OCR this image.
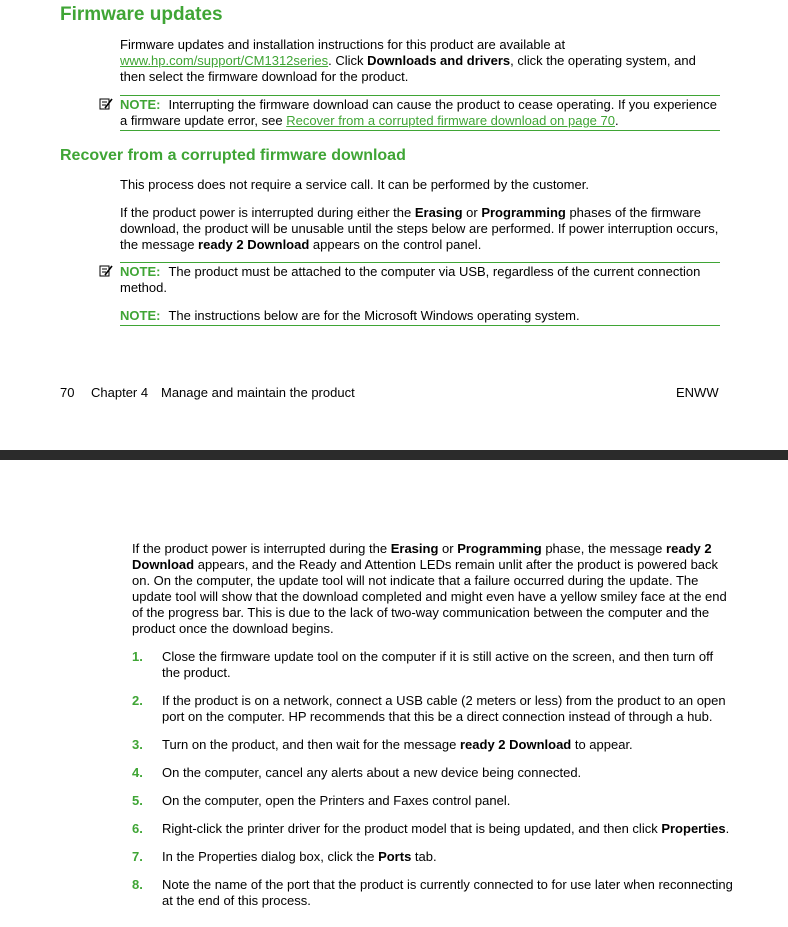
Firmware updates

Firmware updates and installation instructions for this product are available at www.hp.com/support/CM1312series. Click Downloads and drivers, click the operating system, and then select the firmware download for the product.

NOTE: Interrupting the firmware download can cause the product to cease operating. If you experience a firmware update error, see Recover from a corrupted firmware download on page 70.

Recover from a corrupted firmware download

This process does not require a service call. It can be performed by the customer.

If the product power is interrupted during either the Erasing or Programming phases of the firmware download, the product will be unusable until the steps below are performed. If power interruption occurs, the message ready 2 Download appears on the control panel.

NOTE: The product must be attached to the computer via USB, regardless of the current connection method.

NOTE: The instructions below are for the Microsoft Windows operating system.

70 Chapter 4 Manage and maintain the product	ENWW

If the product power is interrupted during the Erasing or Programming phase, the message ready 2 Download appears, and the Ready and Attention LEDs remain unlit after the product is powered back on. On the computer, the update tool will not indicate that a failure occurred during the update. The update tool will show that the download completed and might even have a yellow smiley face at the end of the progress bar. This is due to the lack of two-way communication between the computer and the product once the download begins.

1. Close the firmware update tool on the computer if it is still active on the screen, and then turn off the product.
2. If the product is on a network, connect a USB cable (2 meters or less) from the product to an open port on the computer. HP recommends that this be a direct connection instead of through a hub.
3. Turn on the product, and then wait for the message ready 2 Download to appear.
4. On the computer, cancel any alerts about a new device being connected.
5. On the computer, open the Printers and Faxes control panel.
6. Right-click the printer driver for the product model that is being updated, and then click Properties.
7. In the Properties dialog box, click the Ports tab.
8. Note the name of the port that the product is currently connected to for use later when reconnecting at the end of this process.
